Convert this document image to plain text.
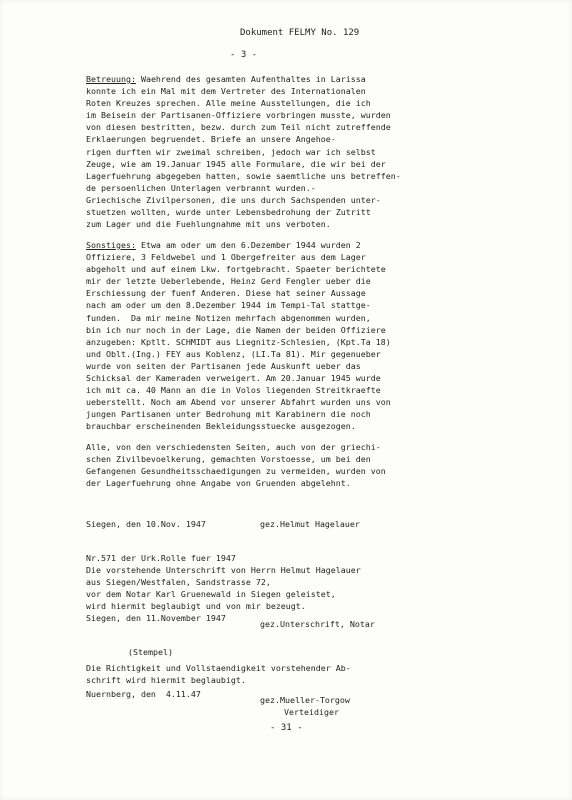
Dokument FELMY No. 129
- 3 -
Betreuung: Waehrend des gesamten Aufenthaltes in Larissa
konnte ich ein Mal mit dem Vertreter des Internationalen
Roten Kreuzes sprechen. Alle meine Ausstellungen, die ich
im Beisein der Partisanen-Offiziere vorbringen musste, wurden
von diesen bestritten, bezw. durch zum Teil nicht zutreffende
Erklaerungen begruendet. Briefe an unsere Angehoe-
rigen durften wir zweimal schreiben, jedoch war ich selbst
Zeuge, wie am 19.Januar 1945 alle Formulare, die wir bei der
Lagerfuehrung abgegeben hatten, sowie saemtliche uns betreffen-
de persoenlichen Unterlagen verbrannt wurden.-
Griechische Zivilpersonen, die uns durch Sachspenden unter-
stuetzen wollten, wurde unter Lebensbedrohung der Zutritt
zum Lager und die Fuehlungnahme mit uns verboten.
Sonstiges: Etwa am oder um den 6.Dezember 1944 wurden 2
Offiziere, 3 Feldwebel und 1 Obergefreiter aus dem Lager
abgeholt und auf einem Lkw. fortgebracht. Spaeter berichtete
mir der letzte Ueberlebende, Heinz Gerd Fengler ueber die
Erschiessung der fuenf Anderen. Diese hat seiner Aussage
nach am oder um den 8.Dezember 1944 im Tempi-Tal stattge-
funden.  Da mir meine Notizen mehrfach abgenommen wurden,
bin ich nur noch in der Lage, die Namen der beiden Offiziere
anzugeben: Kptlt. SCHMIDT aus Liegnitz-Schlesien, (Kpt.Ta 18)
und Oblt.(Ing.) FEY aus Koblenz, (LI.Ta 81). Mir gegenueber
wurde von seiten der Partisanen jede Auskunft ueber das
Schicksal der Kameraden verweigert. Am 20.Januar 1945 wurde
ich mit ca. 40 Mann an die in Volos liegenden Streitkraefte
ueberstellt. Noch am Abend vor unserer Abfahrt wurden uns von
jungen Partisanen unter Bedrohung mit Karabinern die noch
brauchbar erscheinenden Bekleidungsstuecke ausgezogen.
Alle, von den verschiedensten Seiten, auch von der griechi-
schen Zivilbevoelkerung, gemachten Vorstoesse, um bei den
Gefangenen Gesundheitsschaedigungen zu vermeiden, wurden von
der Lagerfuehrung ohne Angabe von Gruenden abgelehnt.
Siegen, den 10.Nov. 1947	gez.Helmut Hagelauer
Nr.571 der Urk.Rolle fuer 1947
Die vorstehende Unterschrift von Herrn Helmut Hagelauer
aus Siegen/Westfalen, Sandstrasse 72,
vor dem Notar Karl Gruenewald in Siegen geleistet,
wird hiermit beglaubigt und von mir bezeugt.
Siegen, den 11.November 1947
gez.Unterschrift, Notar
(Stempel)
Die Richtigkeit und Vollstaendigkeit vorstehender Ab-
schrift wird hiermit beglaubigt.
Nuernberg, den  4.11.47
gez.Mueller-Torgow
Verteidiger
- 31 -
